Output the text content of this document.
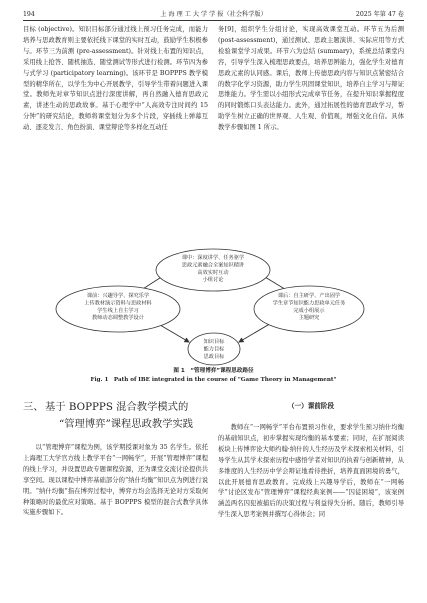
194	上 海 理 工 大 学 学 报（社会科学版）	2025 年第 47 卷

目标 (objective)。知识目标部分通过线上预习任务完成，而能力培养与思政教育则主要依托线下课堂的实时互动，鼓励学生积极参与。环节三为前测 (pre-assessment)。针对线上布置的知识点，采用线上抢答、随机抽选、随堂测试等形式进行检测。环节四为参与式学习 (participatory learning)。该环节是 BOPPPS 教学模型的精华所在，以学生为中心开展教学，引导学生带着问题进入课堂。教师先对章节知识点进行深度讲解，再自然融入德育思政元素，讲述生动的思政故事。基于心理学中“人高效专注时间约 15 分钟”的研究结论，教师将课堂划分为多个片段，穿插线上弹幕互动、逐麦发言、角色扮演、课堂辩论等多样化互动任

务[9]，组织学生分组讨论，实现高效课堂互动。环节五为后测 (post-assessment)，通过测试、思政主题演讲、实际应用等方式检验课堂学习成果。环节六为总结 (summary)，系统总结课堂内容，引导学生深入梳理思政要点，培养思辨能力，强化学生对德育思政元素的认同感。课后，教师上传德思政内容与知识点紧密结合的数字化学习资源，助力学生巩固课堂知识，培养自主学习与辩证思维能力。学生需以小组形式完成章节任务，在提升知识掌握程度的同时锻炼口头表达能力。此外，通过拓展性的德育思政学习，帮助学生树立正确的世界观、人生观、价值观，增强文化自信。具体教学步骤如图 1 所示。

课中：深度讲学、任务驱学思政元素融合全案知识精讲高效实时互动小组讨论
课前：兴趣导学、探究乐学上传教材演示资料与思政材料学生线上自主学习教师动态调整教学设计
课后：自主研学、产出固学学生章节知识能力思政单元任务完成小组展示主题研究
知识目标能力目标思政目标
图 1　“管理博弈”课程思政路径
Fig. 1　Path of IBE integrated in the course of "Game Theory in Management"
三、基于 BOPPPS 混合教学模式的
“管理博弈”课程思政教学实践

以“管理博弈”课程为例，该学期授课对象为 35 名学生。依托上海理工大学官方线上教学平台“一网畅学”，开展“管理博弈”课程的线上学习，并设置思政专题课程资源，还为课堂交流讨论提供共享空间。现以课程中博弈基础部分的“纳什均衡”知识点为例进行说明。“纳什均衡”指在博弈过程中，博弈方均会选择无论对方采取何种策略时的最优应对策略。基于 BOPPPS 模型的混合式教学具体实施步骤如下。

（一）课前阶段

教师在“一网畅学”平台布置预习作业，要求学生预习纳什均衡的基础知识点，初步掌握实现均衡的基本要素；同时，在扩展阅读板块上传博弈论大师约翰·纳什的人生经历及学术探索相关材料，引导学生从其学术探索历程中感悟学者对知识的执着与创新精神，从多维度的人生经历中学会辩证地看待挫折，培养直面困境的勇气，以此开展德育思政教育。完成线上兴趣导学后，教师在“一网畅学”讨论区发布“管理博弈”课程经典案例——“囚徒困境”，该案例涵盖两名囚犯被捕后的决策过程与利益得失分析。随后，教师引导学生深入思考案例并撰写心得体会；同
